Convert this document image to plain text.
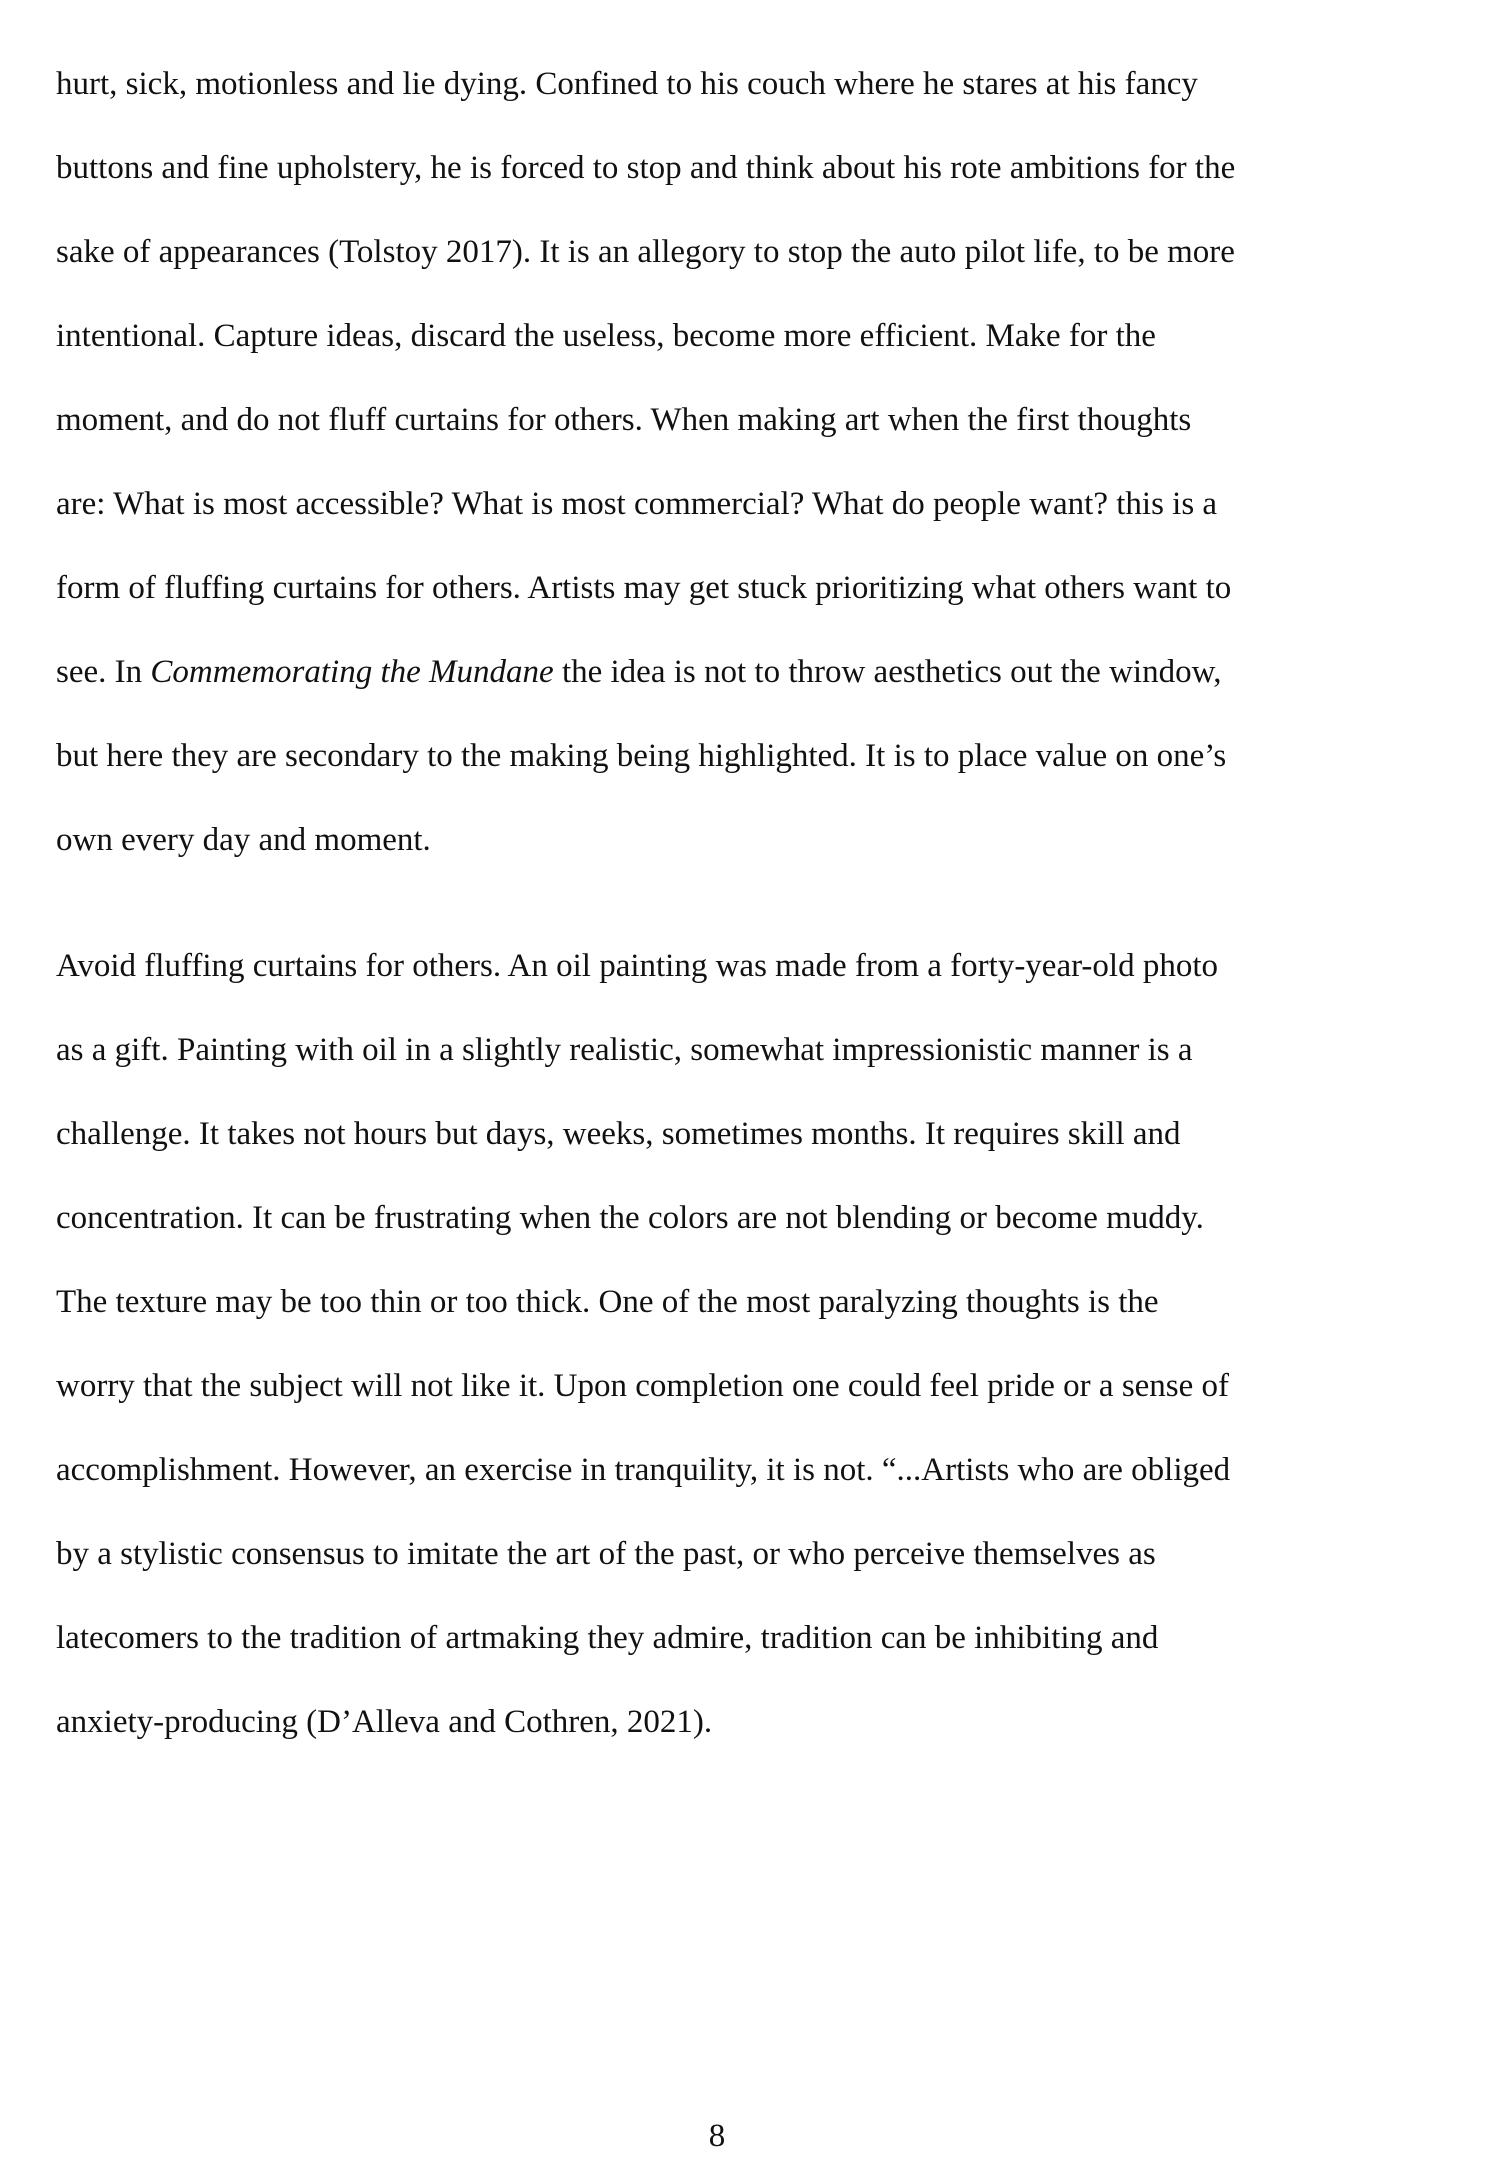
hurt, sick, motionless and lie dying. Confined to his couch where he stares at his fancy

buttons and fine upholstery, he is forced to stop and think about his rote ambitions for the

sake of appearances (Tolstoy 2017). It is an allegory to stop the auto pilot life, to be more

intentional. Capture ideas, discard the useless, become more efficient. Make for the

moment, and do not fluff curtains for others. When making art when the first thoughts

are: What is most accessible? What is most commercial? What do people want? this is a

form of fluffing curtains for others. Artists may get stuck prioritizing what others want to

see. In Commemorating the Mundane the idea is not to throw aesthetics out the window,

but here they are secondary to the making being highlighted. It is to place value on one’s

own every day and moment.

Avoid fluffing curtains for others. An oil painting was made from a forty-year-old photo

as a gift. Painting with oil in a slightly realistic, somewhat impressionistic manner is a

challenge. It takes not hours but days, weeks, sometimes months. It requires skill and

concentration. It can be frustrating when the colors are not blending or become muddy.

The texture may be too thin or too thick. One of the most paralyzing thoughts is the

worry that the subject will not like it. Upon completion one could feel pride or a sense of

accomplishment. However, an exercise in tranquility, it is not. “...Artists who are obliged

by a stylistic consensus to imitate the art of the past, or who perceive themselves as

latecomers to the tradition of artmaking they admire, tradition can be inhibiting and

anxiety-producing (D’Alleva and Cothren, 2021).

8
